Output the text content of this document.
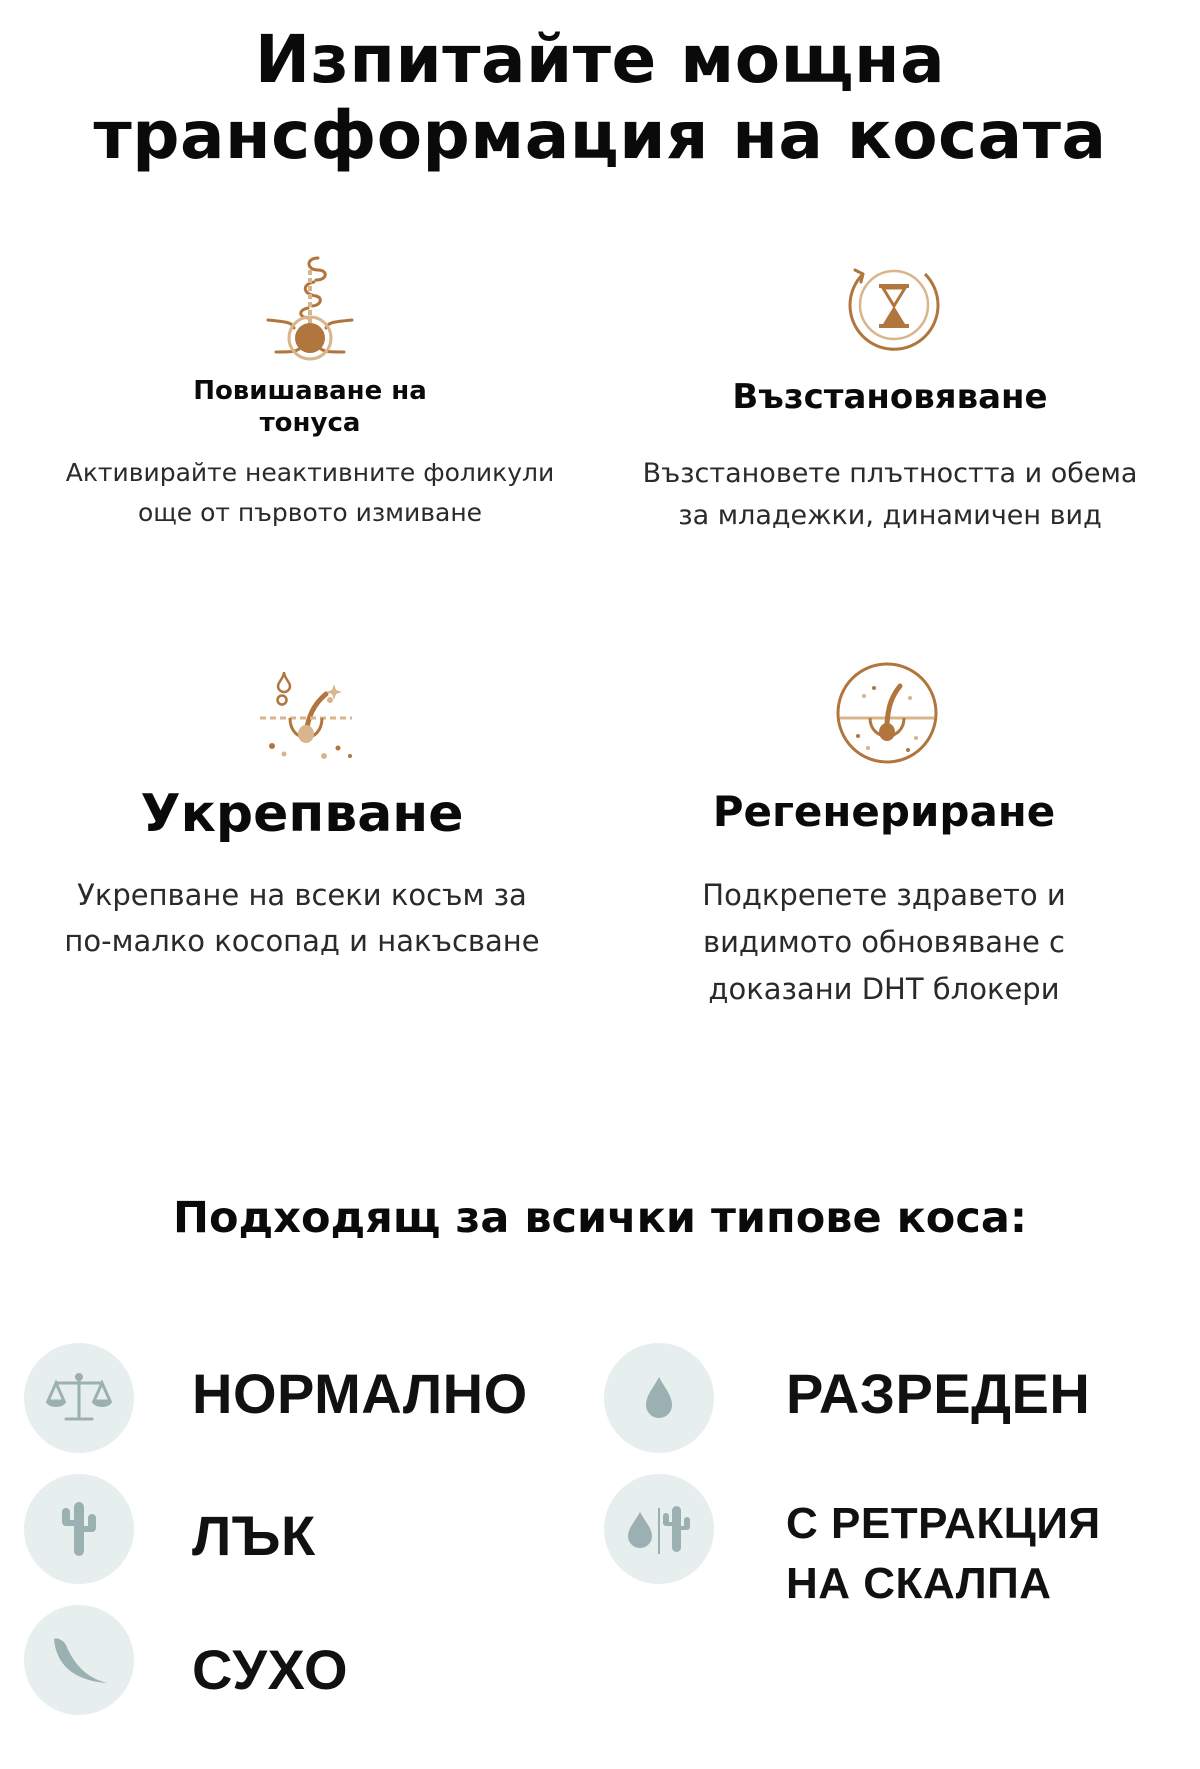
Изпитайте мощна
трансформация на косата
Повишаване на
тонуса
Активирайте неактивните фоликули
още от първото измиване
Възстановяване
Възстановете плътността и обема
за младежки, динамичен вид
Укрепване
Укрепване на всеки косъм за
по-малко косопад и накъсване
Регенериране
Подкрепете здравето и
видимото обновяване с
доказани DHT блокери
Подходящ за всички типове коса:
НОРМАЛНО	РАЗРЕДЕН
ЛЪК	С РЕТРАКЦИЯ
НА СКАЛПА
СУХО
